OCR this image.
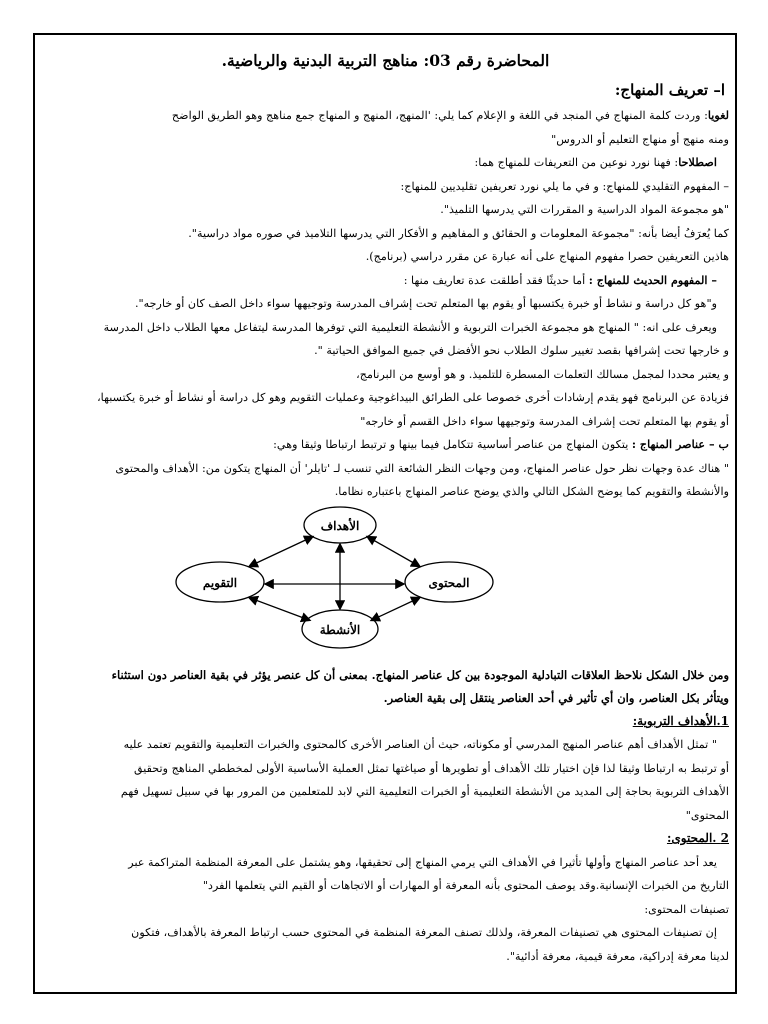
المحاضرة رقم 03: مناهج التربية البدنية والرياضية.

ا– تعريف المنهاج:

لغويا: وردت كلمة المنهاج في المنجد في اللغة و الإعلام كما يلي: 'المنهج، المنهج و المنهاج جمع مناهج وهو الطريق الواضح

ومنه منهج أو منهاج التعليم أو الدروس"

اصطلاحا: فهنا نورد نوعين من التعريفات للمنهاج هما:

– المفهوم التقليدي للمنهاج: و في ما يلي نورد تعريفين تقليديين للمنهاج:

"هو مجموعة المواد الدراسية و المقررات التي يدرسها التلميذ".

كما يُعرَفُ أيضا بأنه: "مجموعة المعلومات و الحقائق و المفاهيم و الأفكار التي يدرسها التلاميذ في صوره مواد دراسية".

هاذين التعريفين حصرا مفهوم المنهاج على أنه عبارة عن مقرر دراسي (برنامج).

– المفهوم الحديث للمنهاج : أما حديثًا فقد أطلقت عدة تعاريف منها :

و"هو كل دراسة و نشاط أو خبرة يكتسبها أو يقوم بها المتعلم تحت إشراف المدرسة وتوجيهها سواء داخل الصف كان أو خارجه".

ويعرف على انه: " المنهاج هو مجموعة الخبرات التربوية و الأنشطة التعليمية التي توفرها المدرسة ليتفاعل معها الطلاب داخل المدرسة

و خارجها تحت إشرافها بقصد تغيير سلوك الطلاب نحو الأفضل في جميع الموافق الحياتية ".

و يعتبر محددا لمجمل مسالك التعلمات المسطرة للتلميذ. و هو أوسع من البرنامج،

فزيادة عن البرنامج فهو يقدم إرشادات أخرى خصوصا على الطرائق البيداغوجية وعمليات التقويم وهو كل دراسة أو نشاط أو خبرة يكتسبها،

أو يقوم بها المتعلم تحت إشراف المدرسة وتوجيهها سواء داخل القسم أو خارجه"

ب – عناصر المنهاج : يتكون المنهاج من عناصر أساسية تتكامل فيما بينها و ترتبط ارتباطا وثيقا وهي:

" هناك عدة وجهات نظر حول عناصر المنهاج، ومن وجهات النظر الشائعة التي تنسب لـ 'تايلر' أن المنهاج يتكون من: الأهداف والمحتوى

والأنشطة والتقويم كما يوضح الشكل التالي والذي يوضح عناصر المنهاج باعتباره نظاما.

الأهداف
التقويم	المحتوى
الأنشطة

ومن خلال الشكل نلاحظ العلاقات التبادلية الموجودة بين كل عناصر المنهاج. بمعنى أن كل عنصر يؤثر في بقية العناصر دون استثناء

ويتأثر بكل العناصر، وان أي تأثير في أحد العناصر ينتقل إلى بقية العناصر.

1.الأهداف التربوية:

" تمثل الأهداف أهم عناصر المنهج المدرسي أو مكوناته، حيث أن العناصر الأخرى كالمحتوى والخبرات التعليمية والتقويم تعتمد عليه

أو ترتبط به ارتباطا وثيقا لذا فإن اختيار تلك الأهداف أو تطويرها أو صياغتها تمثل العملية الأساسية الأولى لمخططي المناهج وتحقيق

الأهداف التربوية بحاجة إلى المديد من الأنشطة التعليمية أو الخبرات التعليمية التي لابد للمتعلمين من المرور بها في سبيل تسهيل فهم

المحتوى"

2 .المحتوى:

يعد أحد عناصر المنهاج وأولها تأثيرا في الأهداف التي يرمي المنهاج إلى تحقيقها، وهو يشتمل على المعرفة المنظمة المتراكمة عبر

التاريخ من الخبرات الإنسانية.وقد يوصف المحتوى بأنه المعرفة أو المهارات أو الاتجاهات أو القيم التي يتعلمها الفرد"

تصنيفات المحتوى:

إن تصنيفات المحتوى هي تصنيفات المعرفة، ولذلك تصنف المعرفة المنظمة في المحتوى حسب ارتباط المعرفة بالأهداف، فتكون

لدينا معرفة إدراكية، معرفة قيمية، معرفة أدائية".
